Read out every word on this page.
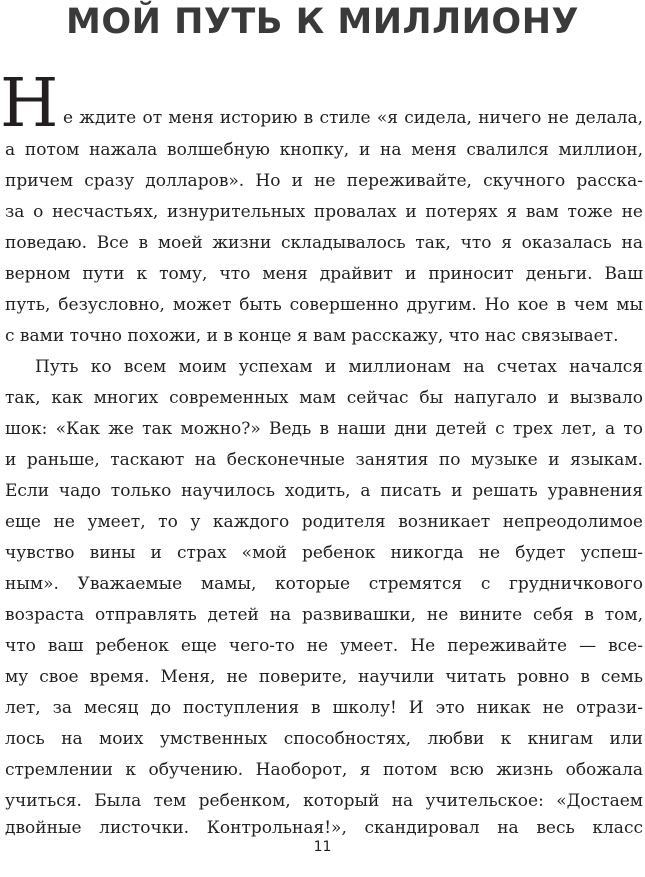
МОЙ ПУТЬ К МИЛЛИОНУ
Н е ждите от меня историю в стиле «я сидела, ничего не делала,
а потом нажала волшебную кнопку, и на меня свалился миллион,
причем сразу долларов». Но и не переживайте, скучного расска-
за о несчастьях, изнурительных провалах и потерях я вам тоже не
поведаю. Все в моей жизни складывалось так, что я оказалась на
верном пути к тому, что меня драйвит и приносит деньги. Ваш
путь, безусловно, может быть совершенно другим. Но кое в чем мы
с вами точно похожи, и в конце я вам расскажу, что нас связывает.
Путь ко всем моим успехам и миллионам на счетах начался
так, как многих современных мам сейчас бы напугало и вызвало
шок: «Как же так можно?» Ведь в наши дни детей с трех лет, а то
и раньше, таскают на бесконечные занятия по музыке и языкам.
Если чадо только научилось ходить, а писать и решать уравнения
еще не умеет, то у каждого родителя возникает непреодолимое
чувство вины и страх «мой ребенок никогда не будет успеш-
ным». Уважаемые мамы, которые стремятся с грудничкового
возраста отправлять детей на развивашки, не вините себя в том,
что ваш ребенок еще чего-то не умеет. Не переживайте — все-
му свое время. Меня, не поверите, научили читать ровно в семь
лет, за месяц до поступления в школу! И это никак не отрази-
лось на моих умственных способностях, любви к книгам или
стремлении к обучению. Наоборот, я потом всю жизнь обожала
учиться. Была тем ребенком, который на учительское: «Достаем
двойные листочки. Контрольная!», скандировал на весь класс
11
